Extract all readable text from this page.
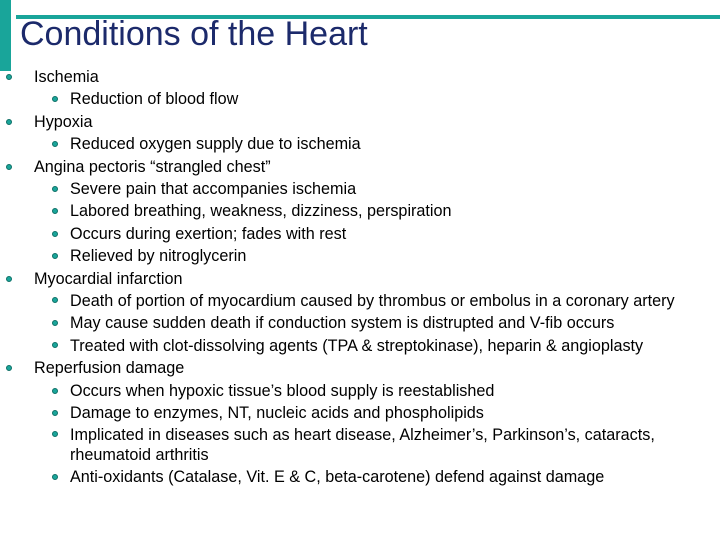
Conditions of the Heart
Ischemia
Reduction of blood flow
Hypoxia
Reduced oxygen supply due to ischemia
Angina pectoris “strangled chest”
Severe pain that accompanies ischemia
Labored breathing, weakness, dizziness, perspiration
Occurs during exertion; fades with rest
Relieved by nitroglycerin
Myocardial infarction
Death of portion of myocardium caused by thrombus or embolus in a coronary artery
May cause sudden death if conduction system is distrupted and V-fib occurs
Treated with clot-dissolving agents (TPA & streptokinase), heparin & angioplasty
Reperfusion damage
Occurs when hypoxic tissue’s blood supply is reestablished
Damage to enzymes, NT, nucleic acids and phospholipids
Implicated in diseases such as heart disease, Alzheimer’s, Parkinson’s, cataracts, rheumatoid arthritis
Anti-oxidants (Catalase, Vit. E & C, beta-carotene) defend against damage
